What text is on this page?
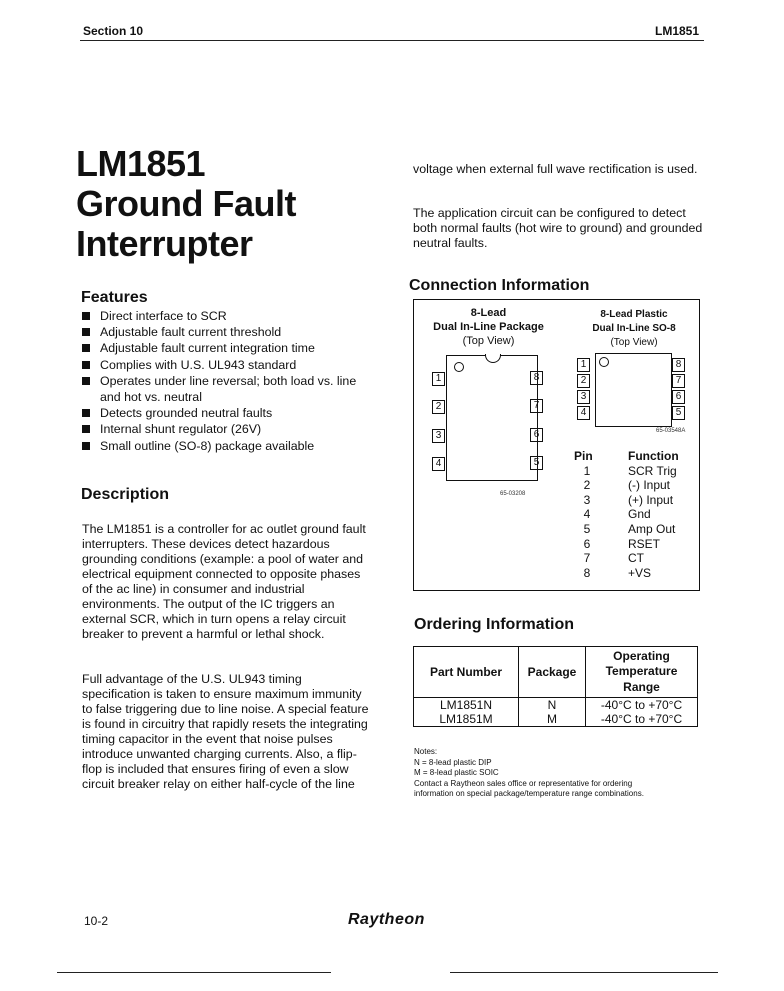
Section 10	LM1851
LM1851
Ground Fault
Interrupter
Features
Direct interface to SCR
Adjustable fault current threshold
Adjustable fault current integration time
Complies with U.S. UL943 standard
Operates under line reversal; both load vs. line and hot vs. neutral
Detects grounded neutral faults
Internal shunt regulator (26V)
Small outline (SO-8) package available
Description
The LM1851 is a controller for ac outlet ground fault interrupters. These devices detect hazardous grounding conditions (example: a pool of water and electrical equipment connected to opposite phases of the ac line) in consumer and industrial environments. The output of the IC triggers an external SCR, which in turn opens a relay circuit breaker to prevent a harmful or lethal shock.
Full advantage of the U.S. UL943 timing specification is taken to ensure maximum immunity to false triggering due to line noise. A special feature is found in circuitry that rapidly resets the integrating timing capacitor in the event that noise pulses introduce unwanted charging currents. Also, a flip-flop is included that ensures firing of even a slow circuit breaker relay on either half-cycle of the line
voltage when external full wave rectification is used.
The application circuit can be configured to detect both normal faults (hot wire to ground) and grounded neutral faults.
Connection Information
8-Lead
Dual In-Line Package
(Top View)
1
2
3
4
8
7
6
5
65-03208
8-Lead Plastic
Dual In-Line SO-8
(Top View)
1
2
3
4
8
7
6
5
65-03548A
Pin	Function
1	SCR Trig
2	(-) Input
3	(+) Input
4	Gnd
5	Amp Out
6	RSET
7	CT
8	+VS
Ordering Information
Part Number	Package	Operating
Temperature
Range

LM1851N	N	-40°C to +70°C
LM1851M	M	-40°C to +70°C
Notes:
N = 8-lead plastic DIP
M = 8-lead plastic SOIC
Contact a Raytheon sales office or representative for ordering
information on special package/temperature range combinations.
10-2	Raytheon
